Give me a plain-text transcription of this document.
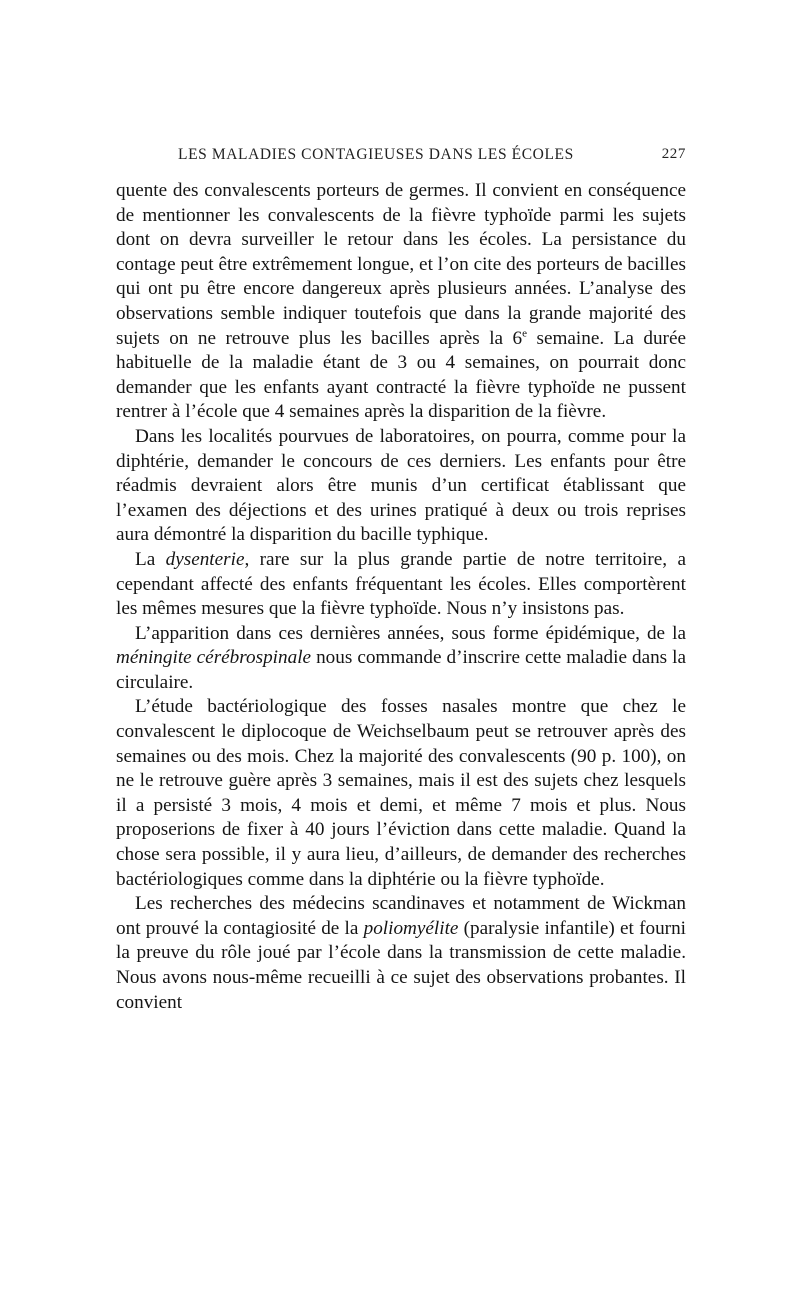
LES MALADIES CONTAGIEUSES DANS LES ÉCOLES	227

quente des convalescents porteurs de germes. Il convient en conséquence de mentionner les convalescents de la fièvre typhoïde parmi les sujets dont on devra surveiller le retour dans les écoles. La persistance du contage peut être extrêmement longue, et l’on cite des porteurs de bacilles qui ont pu être encore dangereux après plusieurs années. L’analyse des observations semble indiquer toutefois que dans la grande majorité des sujets on ne retrouve plus les bacilles après la 6e semaine. La durée habituelle de la maladie étant de 3 ou 4 semaines, on pourrait donc demander que les enfants ayant contracté la fièvre typhoïde ne pussent rentrer à l’école que 4 semaines après la disparition de la fièvre.

Dans les localités pourvues de laboratoires, on pourra, comme pour la diphtérie, demander le concours de ces derniers. Les enfants pour être réadmis devraient alors être munis d’un certificat établissant que l’examen des déjections et des urines pratiqué à deux ou trois reprises aura démontré la disparition du bacille typhique.

La dysenterie, rare sur la plus grande partie de notre territoire, a cependant affecté des enfants fréquentant les écoles. Elles comportèrent les mêmes mesures que la fièvre typhoïde. Nous n’y insistons pas.

L’apparition dans ces dernières années, sous forme épidémique, de la méningite cérébrospinale nous commande d’inscrire cette maladie dans la circulaire.

L’étude bactériologique des fosses nasales montre que chez le convalescent le diplocoque de Weichselbaum peut se retrouver après des semaines ou des mois. Chez la majorité des convalescents (90 p. 100), on ne le retrouve guère après 3 semaines, mais il est des sujets chez lesquels il a persisté 3 mois, 4 mois et demi, et même 7 mois et plus. Nous proposerions de fixer à 40 jours l’éviction dans cette maladie. Quand la chose sera possible, il y aura lieu, d’ailleurs, de demander des recherches bactériologiques comme dans la diphtérie ou la fièvre typhoïde.

Les recherches des médecins scandinaves et notamment de Wickman ont prouvé la contagiosité de la poliomyélite (paralysie infantile) et fourni la preuve du rôle joué par l’école dans la transmission de cette maladie. Nous avons nous-même recueilli à ce sujet des observations probantes. Il convient
